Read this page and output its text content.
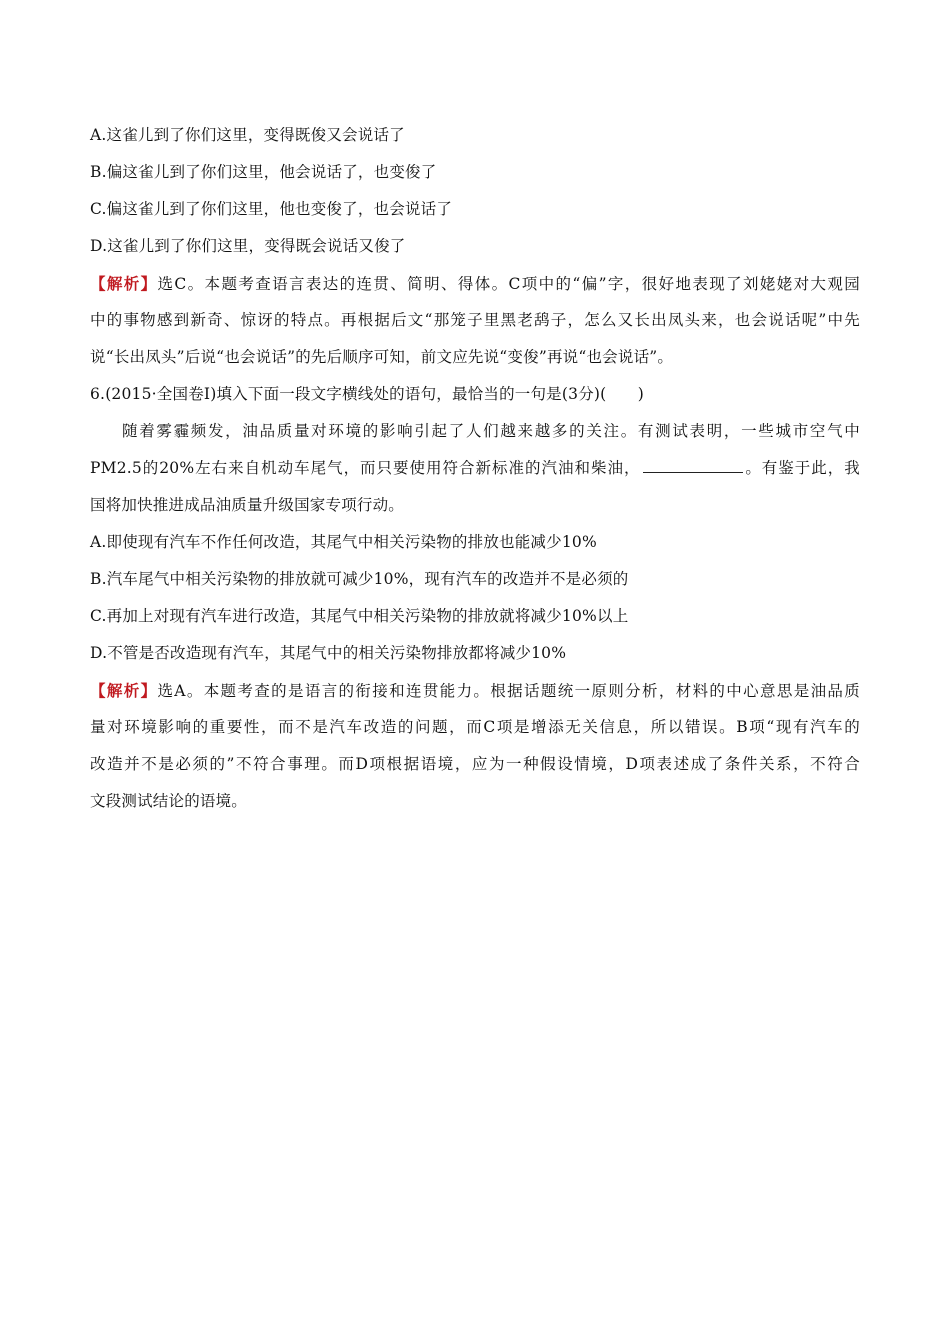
A.这雀儿到了你们这里，变得既俊又会说话了
B.偏这雀儿到了你们这里，他会说话了，也变俊了
C.偏这雀儿到了你们这里，他也变俊了，也会说话了
D.这雀儿到了你们这里，变得既会说话又俊了
【解析】选C。本题考查语言表达的连贯、简明、得体。C项中的“偏”字，很好地表现了刘姥姥对大观园
中的事物感到新奇、惊讶的特点。再根据后文“那笼子里黑老鸹子，怎么又长出凤头来，也会说话呢”中先
说“长出凤头”后说“也会说话”的先后顺序可知，前文应先说“变俊”再说“也会说话”。
6.(2015·全国卷Ⅰ)填入下面一段文字横线处的语句，最恰当的一句是(3分)(　　)
随着雾霾频发，油品质量对环境的影响引起了人们越来越多的关注。有测试表明，一些城市空气中
PM2.5的20%左右来自机动车尾气，而只要使用符合新标准的汽油和柴油，	。有鉴于此，我
国将加快推进成品油质量升级国家专项行动。
A.即使现有汽车不作任何改造，其尾气中相关污染物的排放也能减少10%
B.汽车尾气中相关污染物的排放就可减少10%，现有汽车的改造并不是必须的
C.再加上对现有汽车进行改造，其尾气中相关污染物的排放就将减少10%以上
D.不管是否改造现有汽车，其尾气中的相关污染物排放都将减少10%
【解析】选A。本题考查的是语言的衔接和连贯能力。根据话题统一原则分析，材料的中心意思是油品质
量对环境影响的重要性，而不是汽车改造的问题，而C项是增添无关信息，所以错误。B项“现有汽车的
改造并不是必须的”不符合事理。而D项根据语境，应为一种假设情境，D项表述成了条件关系，不符合
文段测试结论的语境。
